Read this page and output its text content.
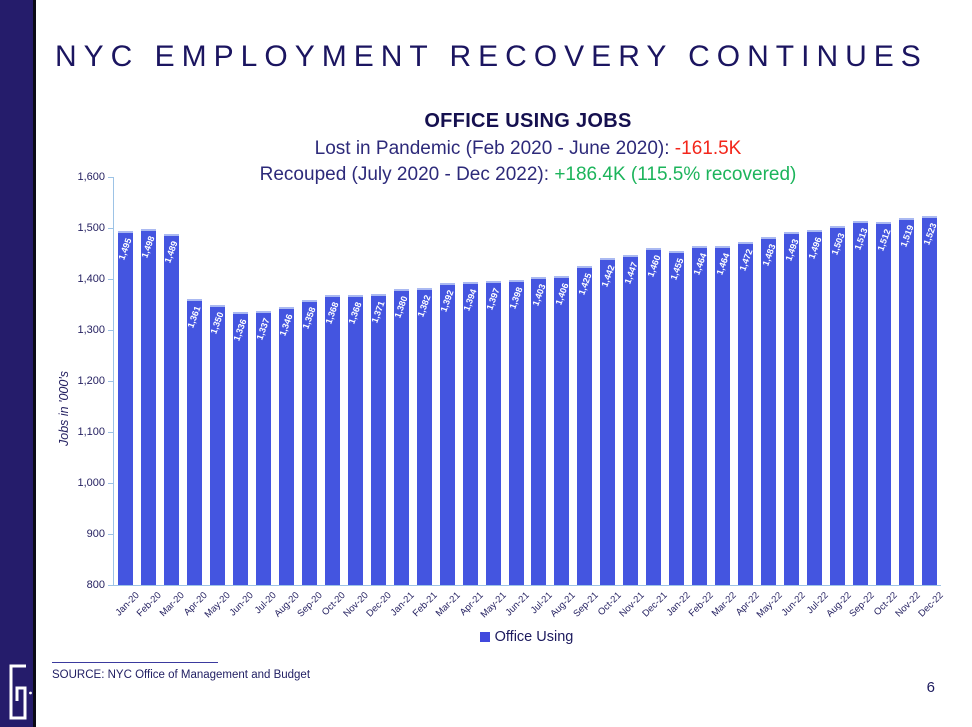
NYC EMPLOYMENT RECOVERY CONTINUES
OFFICE USING JOBS
Lost in Pandemic (Feb 2020 - June 2020): -161.5K
Recouped (July 2020 - Dec 2022): +186.4K (115.5% recovered)
Jobs in '000's
800
900
1,000
1,100
1,200
1,300
1,400
1,500
1,600
1,495
Jan-20
1,498
Feb-20
1,489
Mar-20
1,361
Apr-20
1,350
May-20
1,336
Jun-20
1,337
Jul-20
1,346
Aug-20
1,358
Sep-20
1,368
Oct-20
1,368
Nov-20
1,371
Dec-20
1,380
Jan-21
1,382
Feb-21
1,392
Mar-21
1,394
Apr-21
1,397
May-21
1,398
Jun-21
1,403
Jul-21
1,406
Aug-21
1,425
Sep-21
1,442
Oct-21
1,447
Nov-21
1,460
Dec-21
1,455
Jan-22
1,464
Feb-22
1,464
Mar-22
1,472
Apr-22
1,483
May-22
1,493
Jun-22
1,496
Jul-22
1,503
Aug-22
1,513
Sep-22
1,512
Oct-22
1,519
Nov-22
1,523
Dec-22
Office Using
SOURCE: NYC Office of Management and Budget
6
